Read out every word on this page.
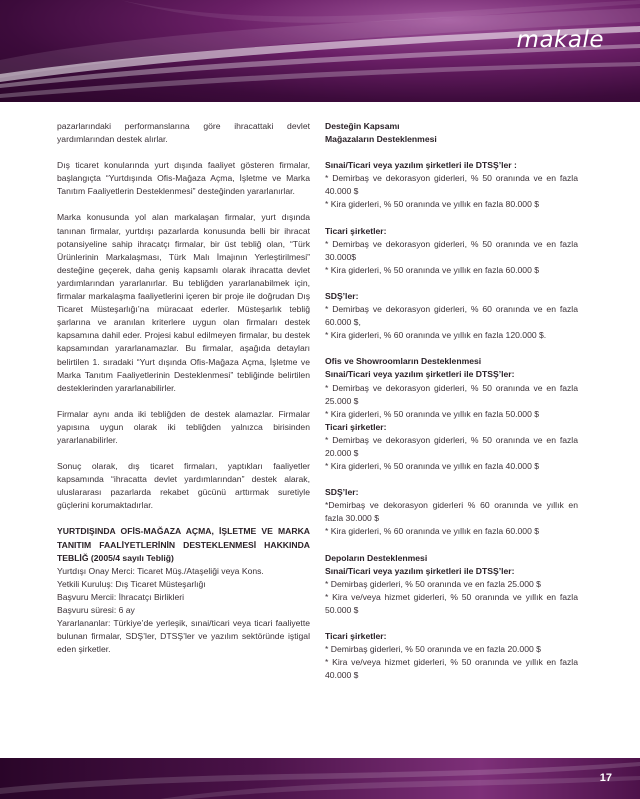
makale

pazarlarındaki performanslarına göre ihracattaki devlet yardımlarından destek alırlar.

Dış ticaret konularında yurt dışında faaliyet gösteren firmalar, başlangıçta “Yurtdışında Ofis-Mağaza Açma, İşletme ve Marka Tanıtım Faaliyetlerin Desteklenmesi” desteğinden yararlanırlar.

Marka konusunda yol alan markalaşan firmalar, yurt dışında tanınan firmalar, yurtdışı pazarlarda konusunda belli bir ihracat potansiyeline sahip ihracatçı firmalar, bir üst tebliğ olan, “Türk Ürünlerinin Markalaşması, Türk Malı İmajının Yerleştirilmesi” desteğine geçerek, daha geniş kapsamlı olarak ihracatta devlet yardımlarından yararlanırlar. Bu tebliğden yararlanabilmek için, firmalar markalaşma faaliyetlerini içeren bir proje ile doğrudan Dış Ticaret Müsteşarlığı’na müracaat ederler. Müsteşarlık tebliğ şarlarına ve aranılan kriterlere uygun olan firmaları destek kapsamına dahil eder. Projesi kabul edilmeyen firmalar, bu destek kapsamından yararlanamazlar. Bu firmalar, aşağıda detayları belirtilen 1. sıradaki “Yurt dışında Ofis-Mağaza Açma, İşletme ve Marka Tanıtım Faaliyetlerinin Desteklenmesi” tebliğinde belirtilen desteklerinden yararlanabilirler.

Firmalar aynı anda iki tebliğden de destek alamazlar. Firmalar yapısına uygun olarak iki tebliğden yalnızca birisinden yararlanabilirler.

Sonuç olarak, dış ticaret firmaları, yaptıkları faaliyetler kapsamında “ihracatta devlet yardımlarından” destek alarak, uluslararası pazarlarda rekabet gücünü arttırmak suretiyle güçlerini korumaktadırlar.

YURTDIŞINDA OFİS-MAĞAZA AÇMA, İŞLETME VE MARKA TANITIM FAALİYETLERİNİN DESTEKLENMESİ HAKKINDA TEBLİĞ (2005/4 sayılı Tebliğ)

Yurtdışı Onay Merci: Ticaret Müş./Ataşeliği veya Kons.

Yetkili Kuruluş: Dış Ticaret Müsteşarlığı

Başvuru Mercii: İhracatçı Birlikleri

Başvuru süresi: 6 ay

Yararlananlar: Türkiye’de yerleşik, sınai/ticari veya ticari faaliyette bulunan firmalar, SDŞ’ler, DTSŞ’ler ve yazılım sektöründe iştigal eden şirketler.

Desteğin Kapsamı

Mağazaların Desteklenmesi

Sınai/Ticari veya yazılım şirketleri ile DTSŞ’ler :

* Demirbaş ve dekorasyon giderleri, % 50 oranında ve en fazla 40.000 $

* Kira giderleri, % 50 oranında ve yıllık en fazla 80.000 $

Ticari şirketler:

* Demirbaş ve dekorasyon giderleri, % 50 oranında ve en fazla 30.000$

* Kira giderleri, % 50 oranında ve yıllık en fazla 60.000 $

SDŞ’ler:

* Demirbaş ve dekorasyon giderleri, % 60 oranında ve en fazla 60.000 $,

* Kira giderleri, % 60 oranında ve yıllık en fazla 120.000 $.

Ofis ve Showroomların Desteklenmesi

Sınai/Ticari veya yazılım şirketleri ile DTSŞ’ler:

* Demirbaş ve dekorasyon giderleri, % 50 oranında ve en fazla 25.000 $

* Kira giderleri, % 50 oranında ve yıllık en fazla 50.000 $

Ticari şirketler:

* Demirbaş ve dekorasyon giderleri, % 50 oranında ve en fazla 20.000 $

* Kira giderleri, % 50 oranında ve yıllık en fazla 40.000 $

SDŞ’ler:

*Demirbaş ve dekorasyon giderleri % 60 oranında ve yıllık en fazla 30.000 $

* Kira giderleri, % 60 oranında ve yıllık en fazla 60.000 $

Depoların Desteklenmesi

Sınai/Ticari veya yazılım şirketleri ile DTSŞ’ler:

* Demirbaş giderleri, % 50 oranında ve en fazla 25.000 $

* Kira ve/veya hizmet giderleri, % 50 oranında ve yıllık en fazla 50.000 $

Ticari şirketler:

* Demirbaş giderleri, % 50 oranında ve en fazla 20.000 $

* Kira ve/veya hizmet giderleri, % 50 oranında ve yıllık en fazla 40.000 $

17
